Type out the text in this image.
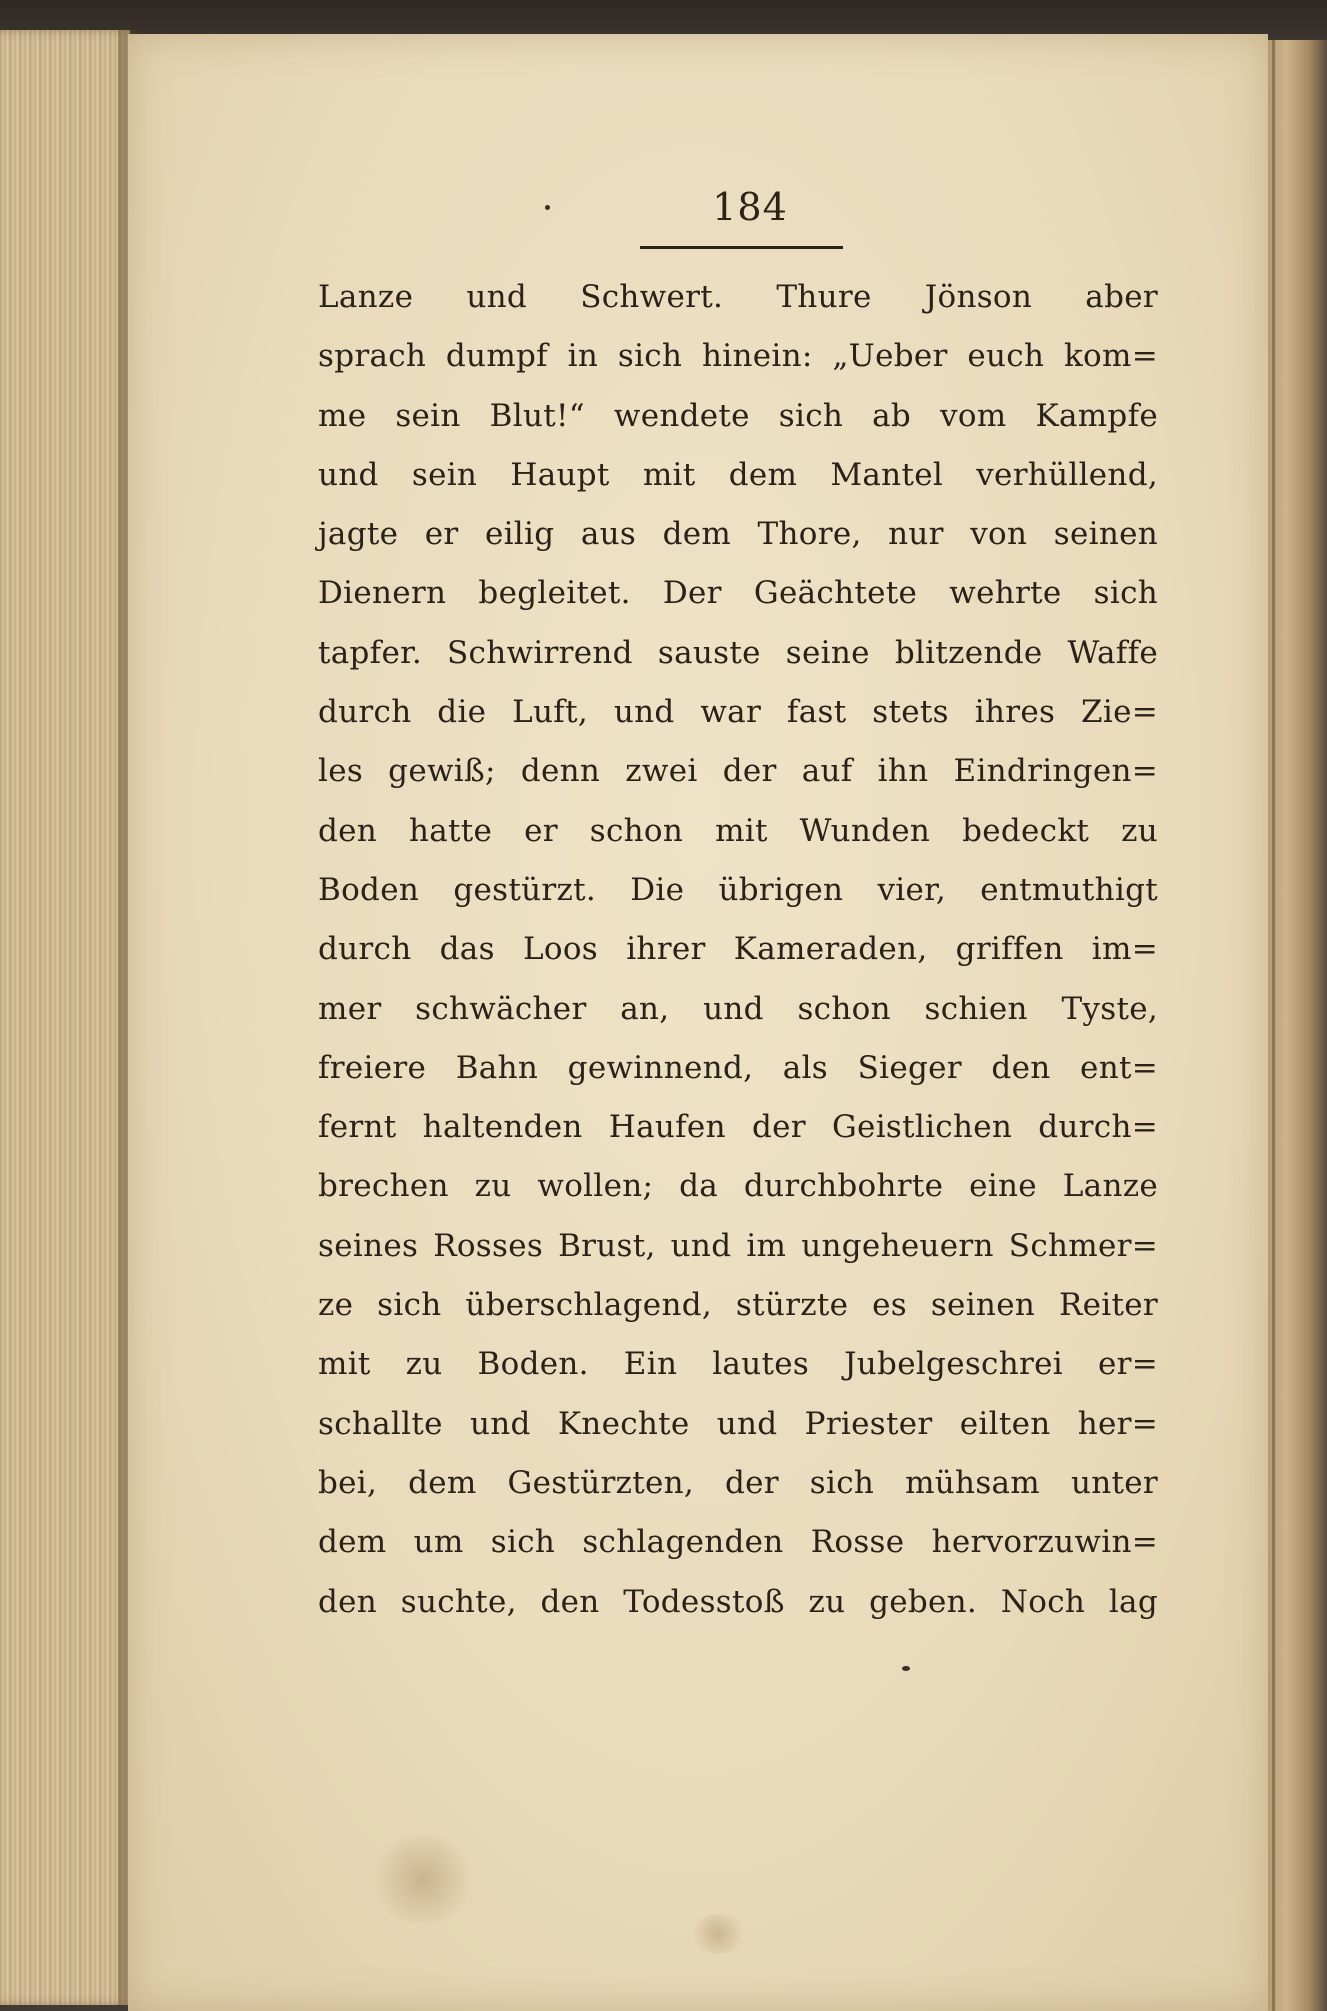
184
Lanze und Schwert. Thure Jönson aber
sprach dumpf in sich hinein: „Ueber euch kom=
me sein Blut!“ wendete sich ab vom Kampfe
und sein Haupt mit dem Mantel verhüllend,
jagte er eilig aus dem Thore, nur von seinen
Dienern begleitet. Der Geächtete wehrte sich
tapfer. Schwirrend sauste seine blitzende Waffe
durch die Luft, und war fast stets ihres Zie=
les gewiß; denn zwei der auf ihn Eindringen=
den hatte er schon mit Wunden bedeckt zu
Boden gestürzt. Die übrigen vier, entmuthigt
durch das Loos ihrer Kameraden, griffen im=
mer schwächer an, und schon schien Tyste,
freiere Bahn gewinnend, als Sieger den ent=
fernt haltenden Haufen der Geistlichen durch=
brechen zu wollen; da durchbohrte eine Lanze
seines Rosses Brust, und im ungeheuern Schmer=
ze sich überschlagend, stürzte es seinen Reiter
mit zu Boden. Ein lautes Jubelgeschrei er=
schallte und Knechte und Priester eilten her=
bei, dem Gestürzten, der sich mühsam unter
dem um sich schlagenden Rosse hervorzuwin=
den suchte, den Todesstoß zu geben. Noch lag
